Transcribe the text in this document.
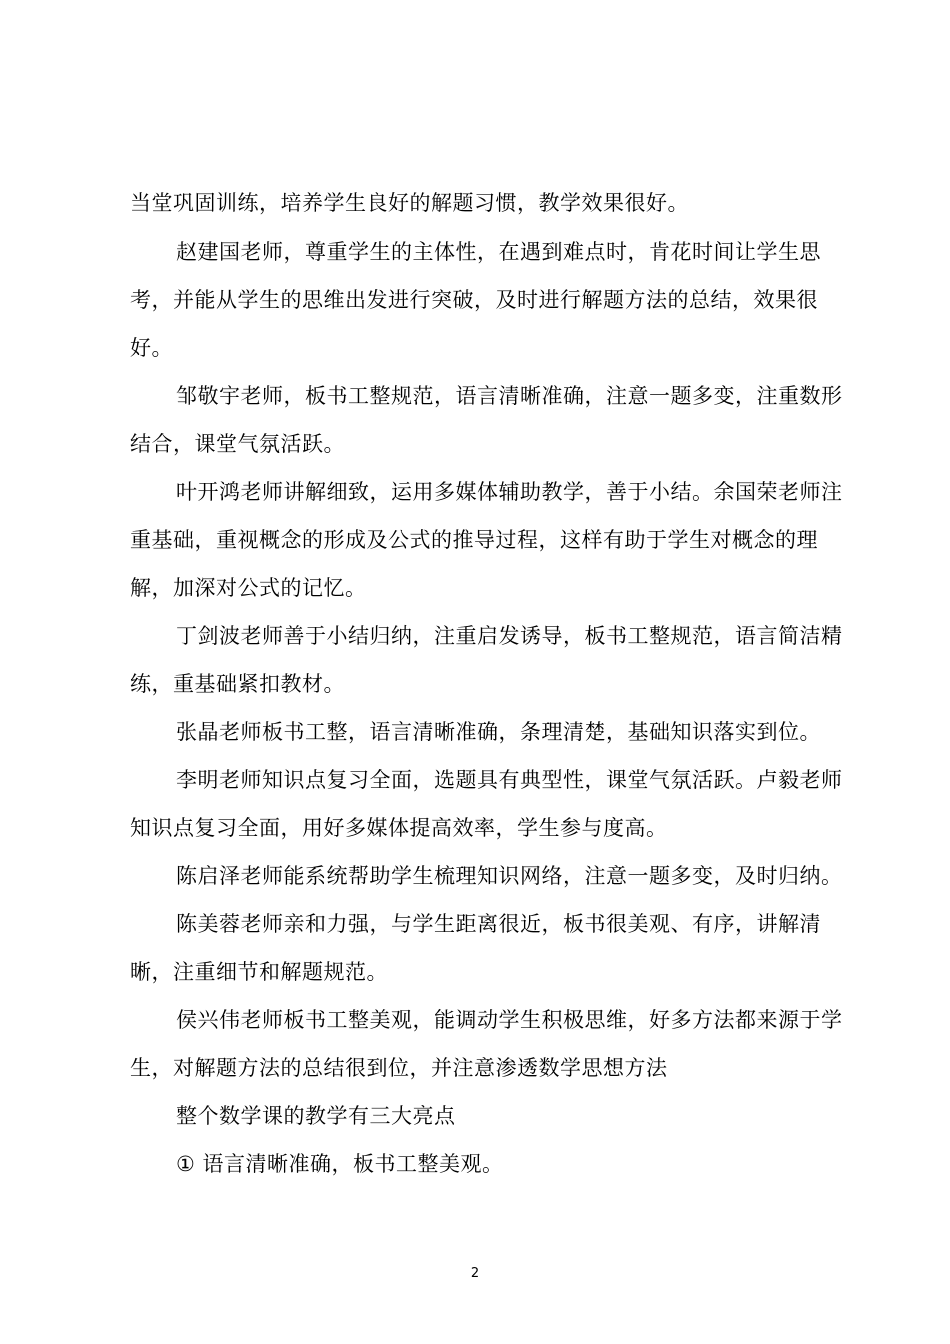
当堂巩固训练，培养学生良好的解题习惯，教学效果很好。

赵建国老师，尊重学生的主体性，在遇到难点时，肯花时间让学生思考，并能从学生的思维出发进行突破，及时进行解题方法的总结，效果很好。

邹敬宇老师，板书工整规范，语言清晰准确，注意一题多变，注重数形结合，课堂气氛活跃。

叶开鸿老师讲解细致，运用多媒体辅助教学，善于小结。余国荣老师注重基础，重视概念的形成及公式的推导过程，这样有助于学生对概念的理解，加深对公式的记忆。

丁剑波老师善于小结归纳，注重启发诱导，板书工整规范，语言简洁精练，重基础紧扣教材。

张晶老师板书工整，语言清晰准确，条理清楚，基础知识落实到位。

李明老师知识点复习全面，选题具有典型性，课堂气氛活跃。卢毅老师知识点复习全面，用好多媒体提高效率，学生参与度高。

陈启泽老师能系统帮助学生梳理知识网络，注意一题多变，及时归纳。

陈美蓉老师亲和力强，与学生距离很近，板书很美观、有序，讲解清晰，注重细节和解题规范。

侯兴伟老师板书工整美观，能调动学生积极思维，好多方法都来源于学生，对解题方法的总结很到位，并注意渗透数学思想方法

整个数学课的教学有三大亮点

① 语言清晰准确，板书工整美观。

2
